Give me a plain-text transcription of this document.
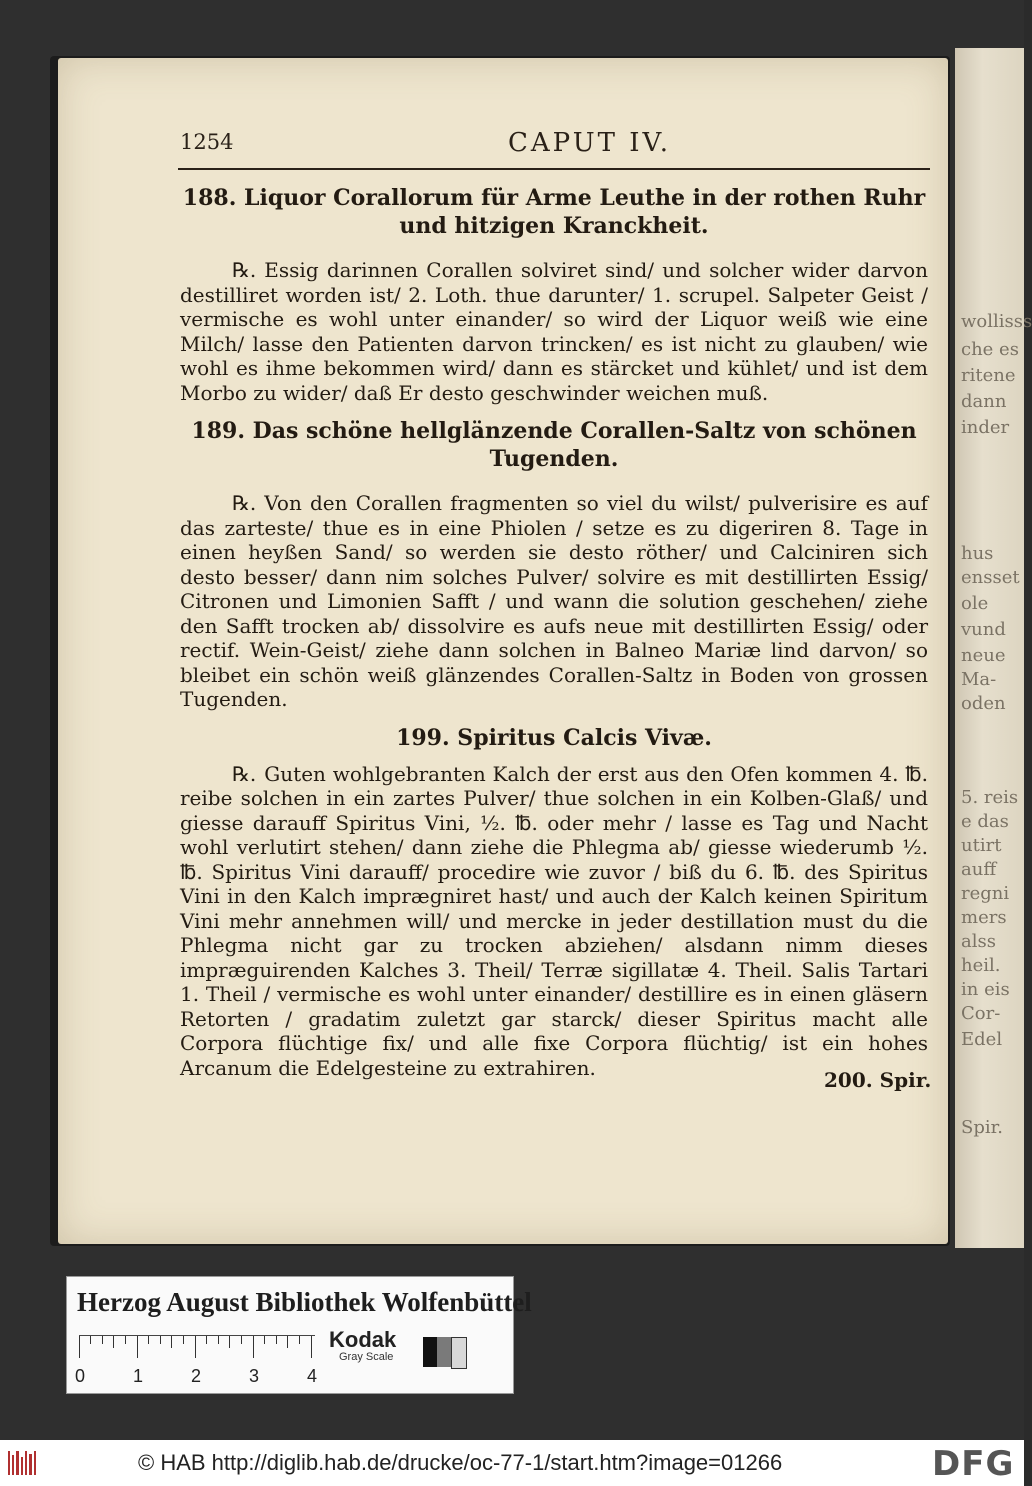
wollisss
che es
ritene
dann
inder
hus
ensset
ole
vund
neue
Ma-
oden
5. reis
e das
utirt
auff
regni
mers
alss
heil.
in eis
Cor-
Edel
Spir.
1254	CAPUT IV.
188. Liquor Corallorum für Arme Leuthe in der rothen Ruhr und hitzigen Kranckheit.

℞. Essig darinnen Corallen solviret sind/ und solcher wider darvon destilliret worden ist/ 2. Loth. thue darunter/ 1. scrupel. Salpeter Geist / vermische es wohl unter einander/ so wird der Liquor weiß wie eine Milch/ lasse den Patienten darvon trincken/ es ist nicht zu glauben/ wie wohl es ihme bekommen wird/ dann es stärcket und kühlet/ und ist dem Morbo zu wider/ daß Er desto geschwinder weichen muß.

189. Das schöne hellglänzende Corallen-Saltz von schönen Tugenden.

℞. Von den Corallen fragmenten so viel du wilst/ pulverisire es auf das zarteste/ thue es in eine Phiolen / setze es zu digeriren 8. Tage in einen heyßen Sand/ so werden sie desto röther/ und Calciniren sich desto besser/ dann nim solches Pulver/ solvire es mit destillirten Essig/ Citronen und Limonien Safft / und wann die solution geschehen/ ziehe den Safft trocken ab/ dissolvire es aufs neue mit destillirten Essig/ oder rectif. Wein-Geist/ ziehe dann solchen in Balneo Mariæ lind darvon/ so bleibet ein schön weiß glänzendes Corallen-Saltz in Boden von grossen Tugenden.

199. Spiritus Calcis Vivæ.

℞. Guten wohlgebranten Kalch der erst aus den Ofen kommen 4. ℔. reibe solchen in ein zartes Pulver/ thue solchen in ein Kolben-Glaß/ und giesse darauff Spiritus Vini, ½. ℔. oder mehr / lasse es Tag und Nacht wohl verlutirt stehen/ dann ziehe die Phlegma ab/ giesse wiederumb ½. ℔. Spiritus Vini darauff/ procedire wie zuvor / biß du 6. ℔. des Spiritus Vini in den Kalch imprægniret hast/ und auch der Kalch keinen Spiritum Vini mehr annehmen will/ und mercke in jeder destillation must du die Phlegma nicht gar zu trocken abziehen/ alsdann nimm dieses impræguirenden Kalches 3. Theil/ Terræ sigillatæ 4. Theil. Salis Tartari 1. Theil / vermische es wohl unter einander/ destillire es in einen gläsern Retorten / gradatim zuletzt gar starck/ dieser Spiritus macht alle Corpora flüchtige fix/ und alle fixe Corpora flüchtig/ ist ein hohes Arcanum die Edelgesteine zu extrahiren.

200. Spir.
Herzog August Bibliothek Wolfenbüttel
0	1	2	3	4
Kodak
Gray Scale
© HAB http://diglib.hab.de/drucke/oc-77-1/start.htm?image=01266	DFG
